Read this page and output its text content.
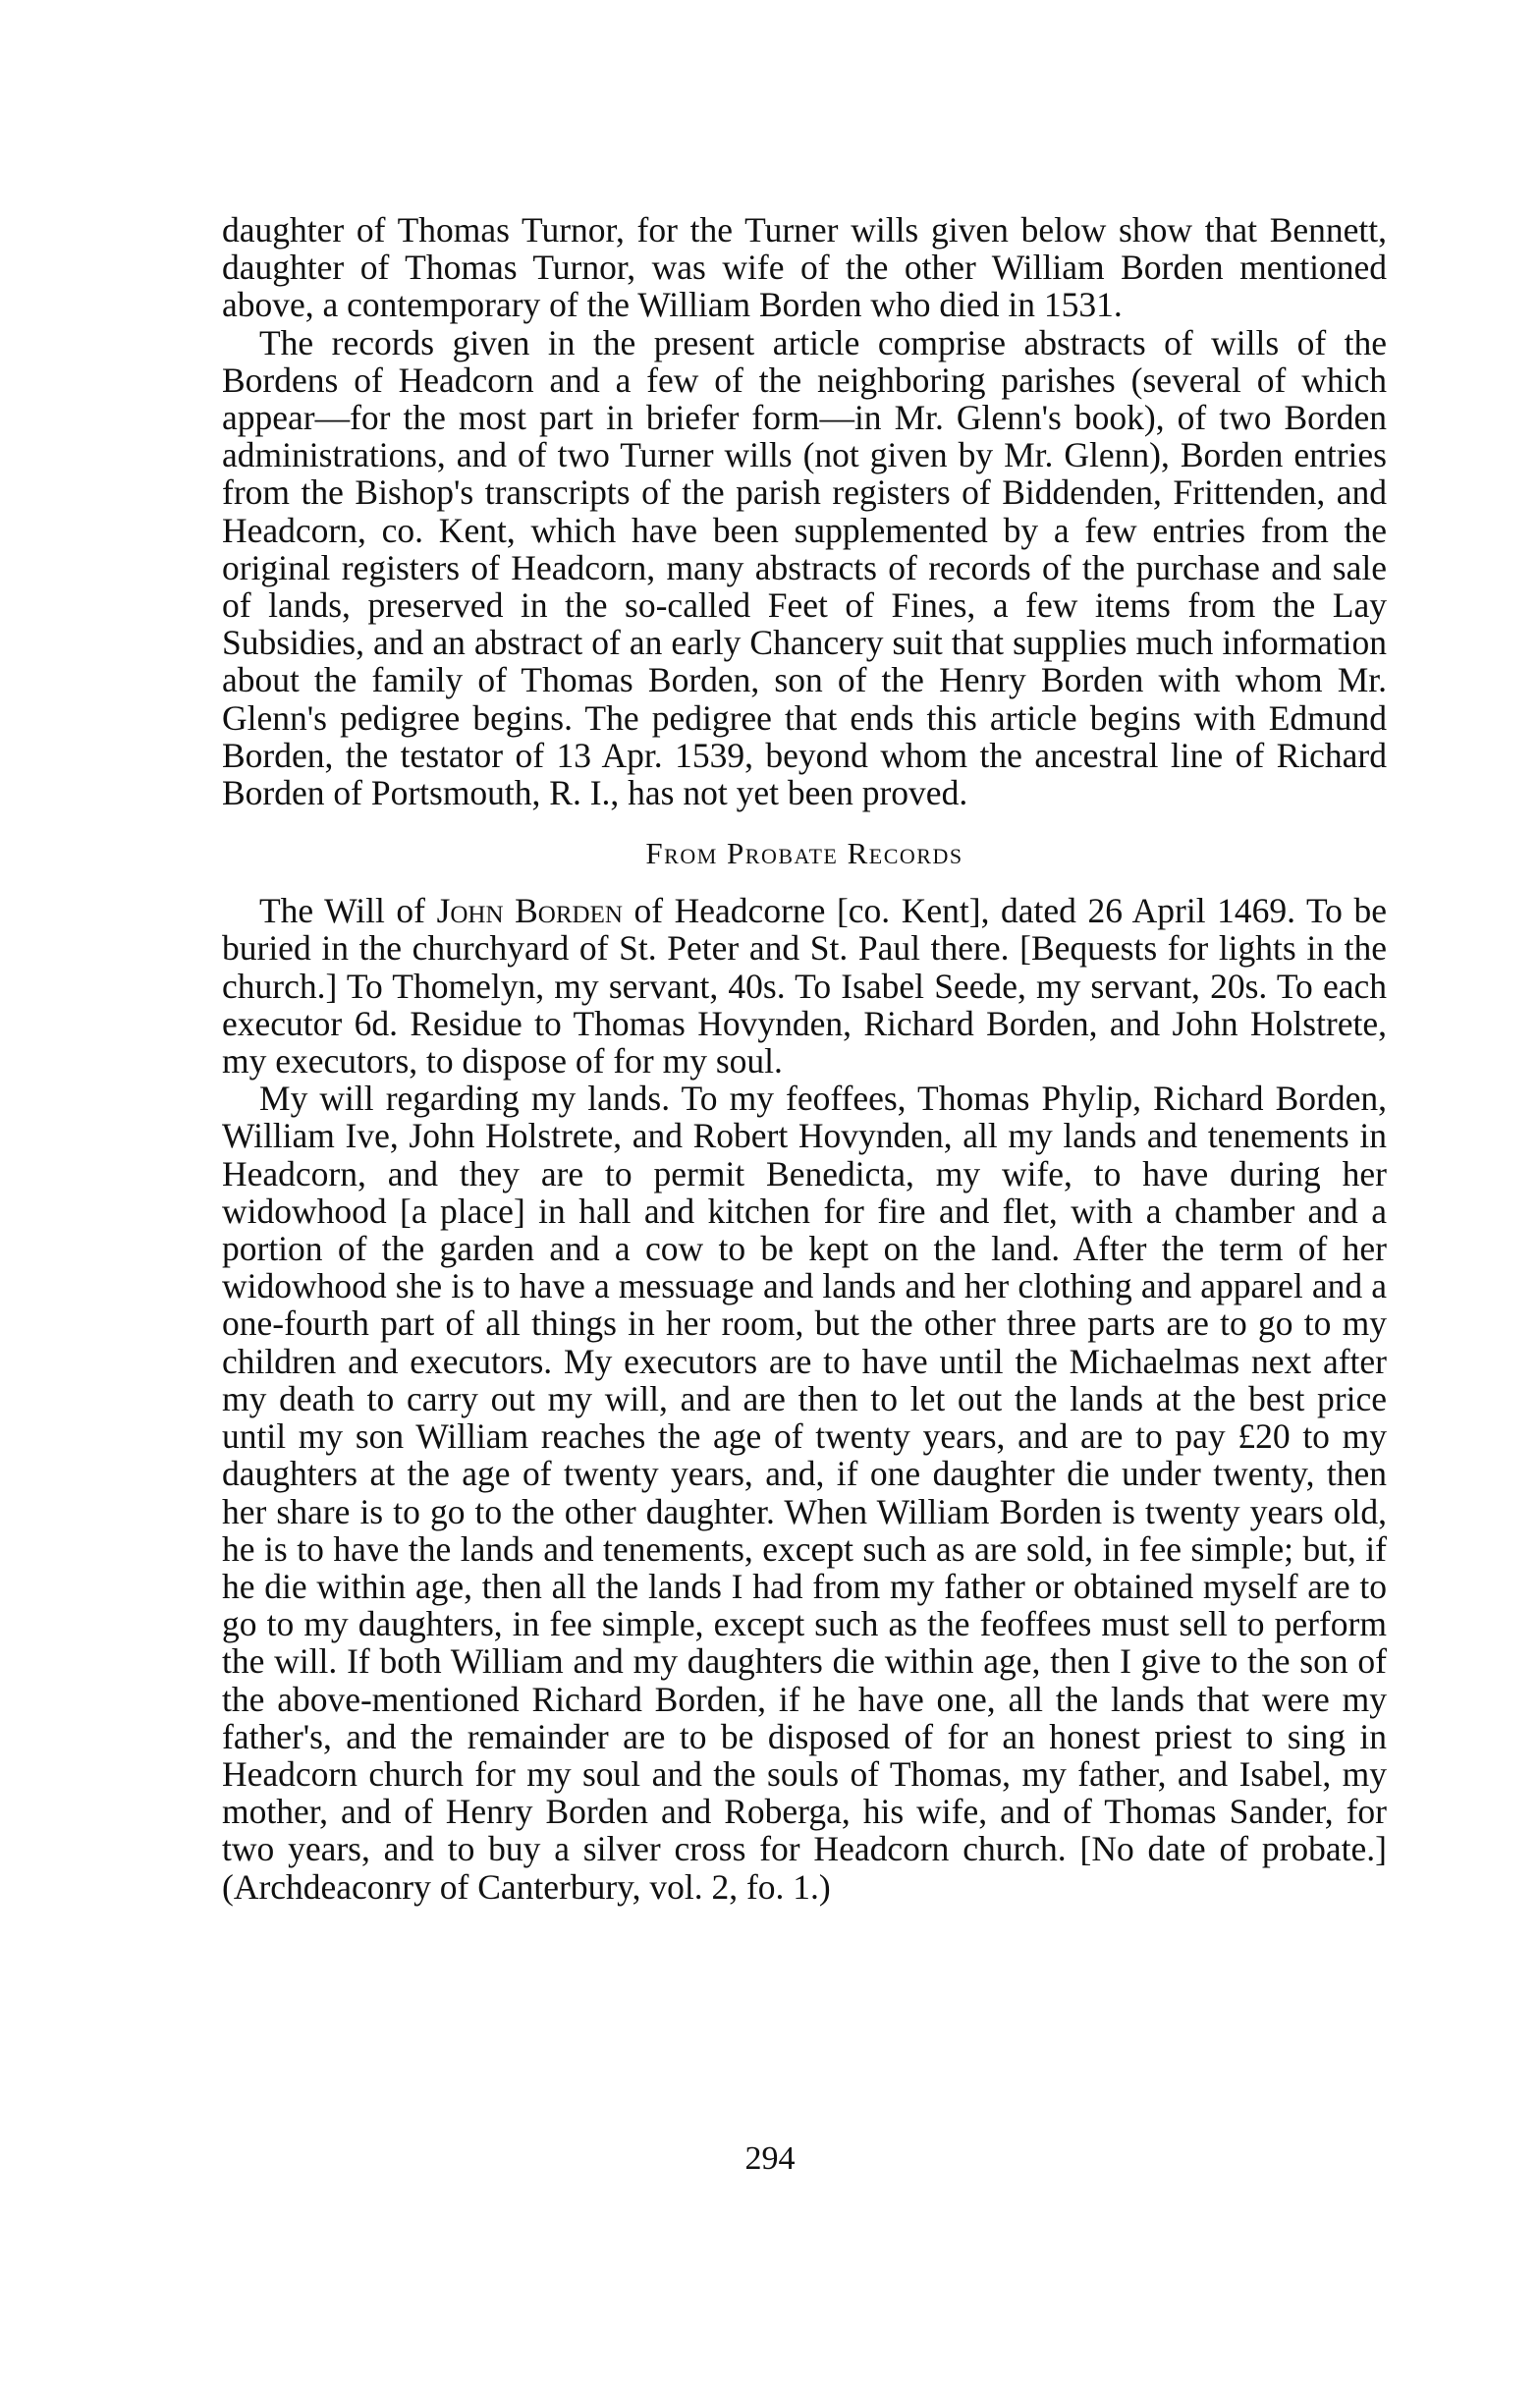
daughter of Thomas Turnor, for the Turner wills given below show that Bennett, daughter of Thomas Turnor, was wife of the other William Borden mentioned above, a contemporary of the William Borden who died in 1531.

The records given in the present article comprise abstracts of wills of the Bordens of Headcorn and a few of the neighboring parishes (several of which appear—for the most part in briefer form—in Mr. Glenn's book), of two Borden administrations, and of two Turner wills (not given by Mr. Glenn), Borden entries from the Bishop's transcripts of the parish registers of Biddenden, Frittenden, and Headcorn, co. Kent, which have been supplemented by a few entries from the original registers of Headcorn, many abstracts of records of the purchase and sale of lands, preserved in the so-called Feet of Fines, a few items from the Lay Subsidies, and an abstract of an early Chancery suit that supplies much information about the family of Thomas Borden, son of the Henry Borden with whom Mr. Glenn's pedigree begins. The pedigree that ends this article begins with Edmund Borden, the testator of 13 Apr. 1539, beyond whom the ancestral line of Richard Borden of Portsmouth, R. I., has not yet been proved.

From Probate Records

The Will of John Borden of Headcorne [co. Kent], dated 26 April 1469. To be buried in the churchyard of St. Peter and St. Paul there. [Bequests for lights in the church.] To Thomelyn, my servant, 40s. To Isabel Seede, my servant, 20s. To each executor 6d. Residue to Thomas Hovynden, Richard Borden, and John Holstrete, my executors, to dispose of for my soul.

My will regarding my lands. To my feoffees, Thomas Phylip, Richard Borden, William Ive, John Holstrete, and Robert Hovynden, all my lands and tenements in Headcorn, and they are to permit Benedicta, my wife, to have during her widowhood [a place] in hall and kitchen for fire and flet, with a chamber and a portion of the garden and a cow to be kept on the land. After the term of her widowhood she is to have a messuage and lands and her clothing and apparel and a one-fourth part of all things in her room, but the other three parts are to go to my children and executors. My executors are to have until the Michaelmas next after my death to carry out my will, and are then to let out the lands at the best price until my son William reaches the age of twenty years, and are to pay £20 to my daughters at the age of twenty years, and, if one daughter die under twenty, then her share is to go to the other daughter. When William Borden is twenty years old, he is to have the lands and tenements, except such as are sold, in fee simple; but, if he die within age, then all the lands I had from my father or obtained myself are to go to my daughters, in fee simple, except such as the feoffees must sell to perform the will. If both William and my daughters die within age, then I give to the son of the above-mentioned Richard Borden, if he have one, all the lands that were my father's, and the remainder are to be disposed of for an honest priest to sing in Headcorn church for my soul and the souls of Thomas, my father, and Isabel, my mother, and of Henry Borden and Roberga, his wife, and of Thomas Sander, for two years, and to buy a silver cross for Headcorn church. [No date of probate.] (Archdeaconry of Canterbury, vol. 2, fo. 1.)

294
